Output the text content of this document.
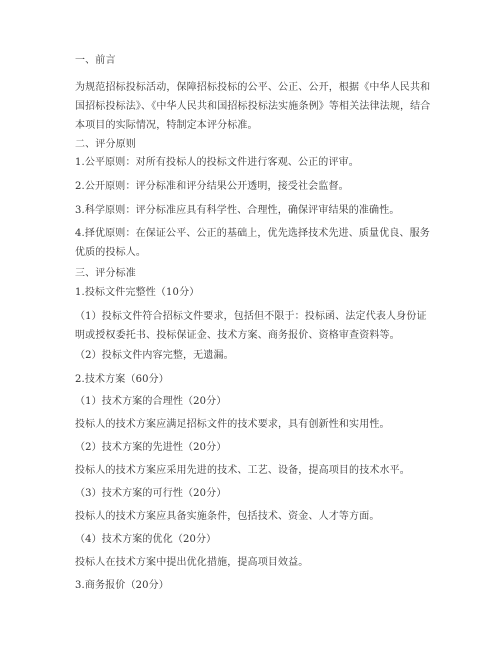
一、前言
为规范招标投标活动，保障招标投标的公平、公正、公开，根据《中华人民共和国招标投标法》、《中华人民共和国招标投标法实施条例》等相关法律法规，结合本项目的实际情况，特制定本评分标准。
二、评分原则
1.公平原则：对所有投标人的投标文件进行客观、公正的评审。
2.公开原则：评分标准和评分结果公开透明，接受社会监督。
3.科学原则：评分标准应具有科学性、合理性，确保评审结果的准确性。
4.择优原则：在保证公平、公正的基础上，优先选择技术先进、质量优良、服务优质的投标人。
三、评分标准
1.投标文件完整性（10分）
（1）投标文件符合招标文件要求，包括但不限于：投标函、法定代表人身份证明或授权委托书、投标保证金、技术方案、商务报价、资格审查资料等。
（2）投标文件内容完整，无遗漏。
2.技术方案（60分）
（1）技术方案的合理性（20分）
投标人的技术方案应满足招标文件的技术要求，具有创新性和实用性。
（2）技术方案的先进性（20分）
投标人的技术方案应采用先进的技术、工艺、设备，提高项目的技术水平。
（3）技术方案的可行性（20分）
投标人的技术方案应具备实施条件，包括技术、资金、人才等方面。
（4）技术方案的优化（20分）
投标人在技术方案中提出优化措施，提高项目效益。
3.商务报价（20分）
